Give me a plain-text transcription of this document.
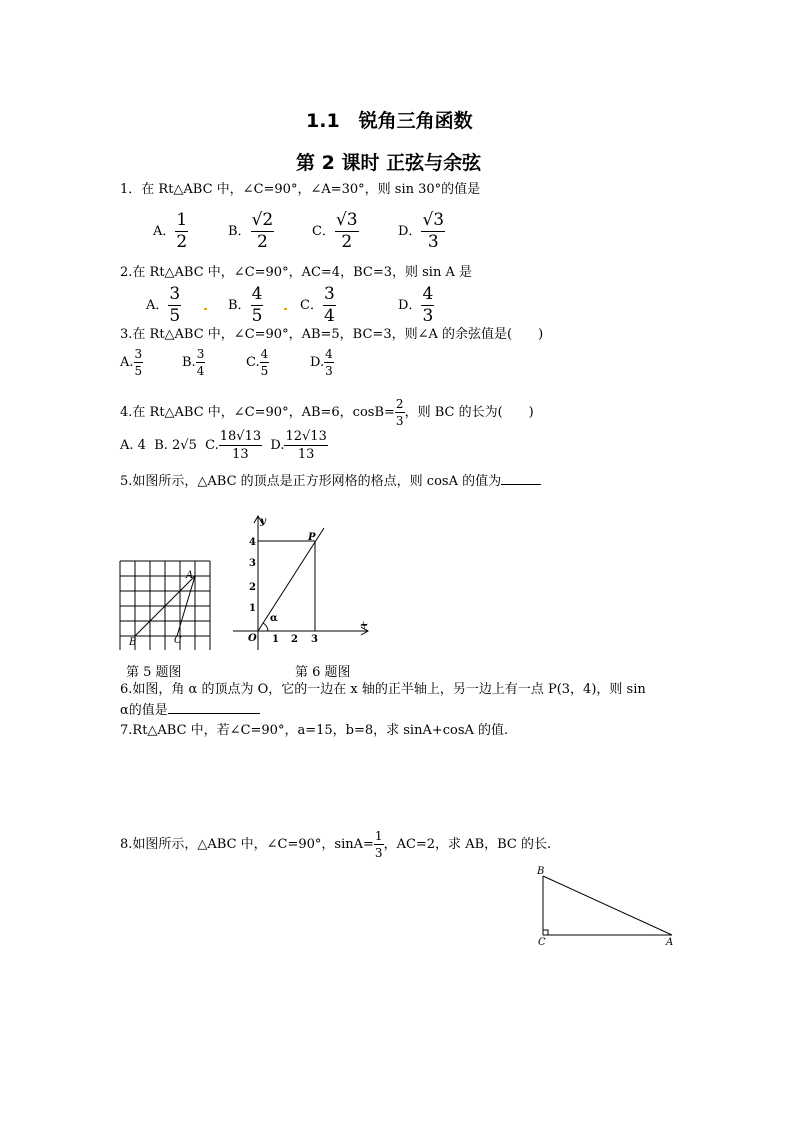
1.1　锐角三角函数
第 2 课时 正弦与余弦
1．在 Rt△ABC 中，∠C=90°，∠A=30°，则 sin 30°的值是
A． $\frac{1}{2}$	B． $\frac{√2}{2}$	C． $\frac{√3}{2}$	D． $\frac{√3}{3}$
2.在 Rt△ABC 中，∠C=90°，AC=4，BC=3，则 sin A 是
A． $\frac{3}{5}$	B． $\frac{4}{5}$	C． $\frac{3}{4}$	D． $\frac{4}{3}$
3.在 Rt△ABC 中，∠C=90°，AB=5，BC=3，则∠A 的余弦值是(　　)
A. $\frac{3}{5}$	B. $\frac{3}{4}$	C. $\frac{4}{5}$	D. $\frac{4}{3}$
4.在 Rt△ABC 中，∠C=90°，AB=6，$\cos B= \frac{2}{3}$ ，则 BC 的长为(　　)
A. 4 B. 2√5 C. $\frac{18√13}{13} D$. $\frac{12√13}{13}$
5.如图所示，△ABC 的顶点是正方形网格的格点，则 cosA 的值为
A
B	C
第 5 题图
y
x
O
P
α
1 2 3
1
2
3
4
第 6 题图
6.如图，角 α 的顶点为 O，它的一边在 x 轴的正半轴上，另一边上有一点 P(3，4)，则 sin
α的值是
7.Rt△ABC 中，若∠C=90°，a=15，b=8，求 sinA+cosA 的值.
8.如图所示，△ABC 中，∠C=90°，$\sin A= \frac{1}{3}$ ，AC=2，求 AB，BC 的长.
B
C	A
